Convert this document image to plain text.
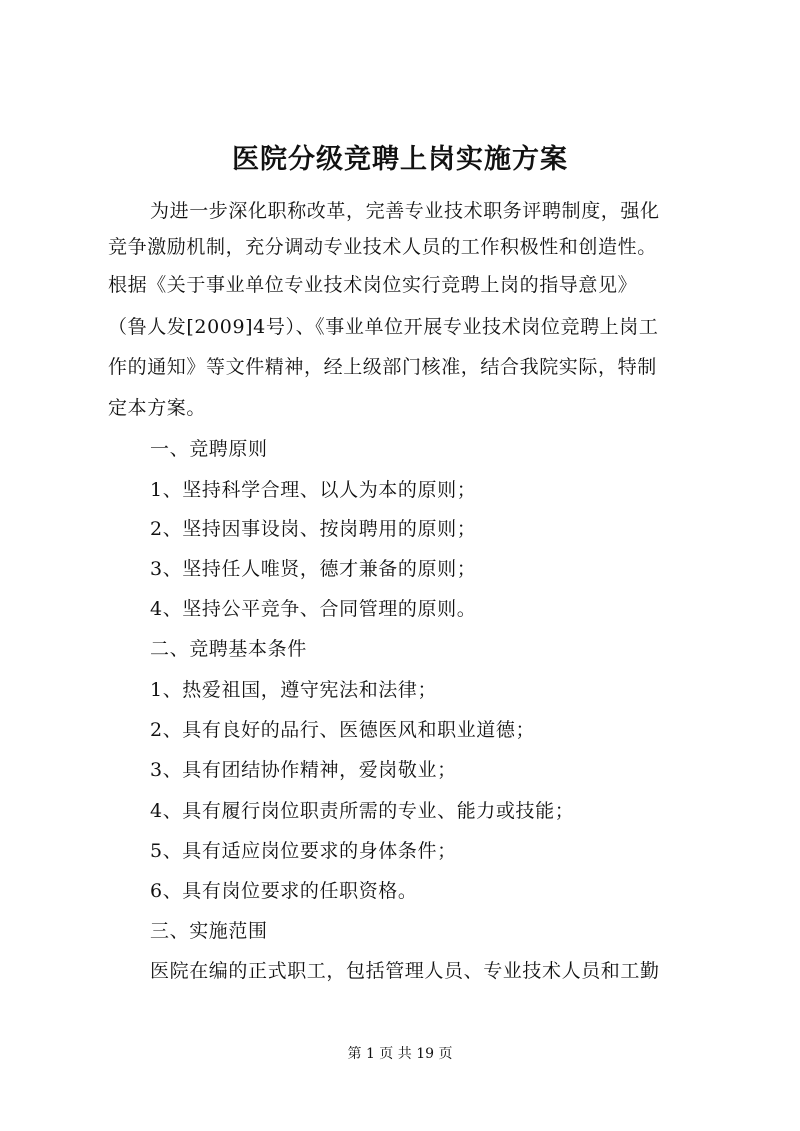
医院分级竞聘上岗实施方案
为进一步深化职称改革，完善专业技术职务评聘制度，强化
竞争激励机制，充分调动专业技术人员的工作积极性和创造性。
根据《关于事业单位专业技术岗位实行竞聘上岗的指导意见》
（鲁人发[2009]4号）、《事业单位开展专业技术岗位竞聘上岗工
作的通知》等文件精神，经上级部门核准，结合我院实际，特制
定本方案。
一、竞聘原则
1、坚持科学合理、以人为本的原则；
2、坚持因事设岗、按岗聘用的原则；
3、坚持任人唯贤，德才兼备的原则；
4、坚持公平竞争、合同管理的原则。
二、竞聘基本条件
1、热爱祖国，遵守宪法和法律；
2、具有良好的品行、医德医风和职业道德；
3、具有团结协作精神，爱岗敬业；
4、具有履行岗位职责所需的专业、能力或技能；
5、具有适应岗位要求的身体条件；
6、具有岗位要求的任职资格。
三、实施范围
医院在编的正式职工，包括管理人员、专业技术人员和工勤
第 1 页 共 19 页
